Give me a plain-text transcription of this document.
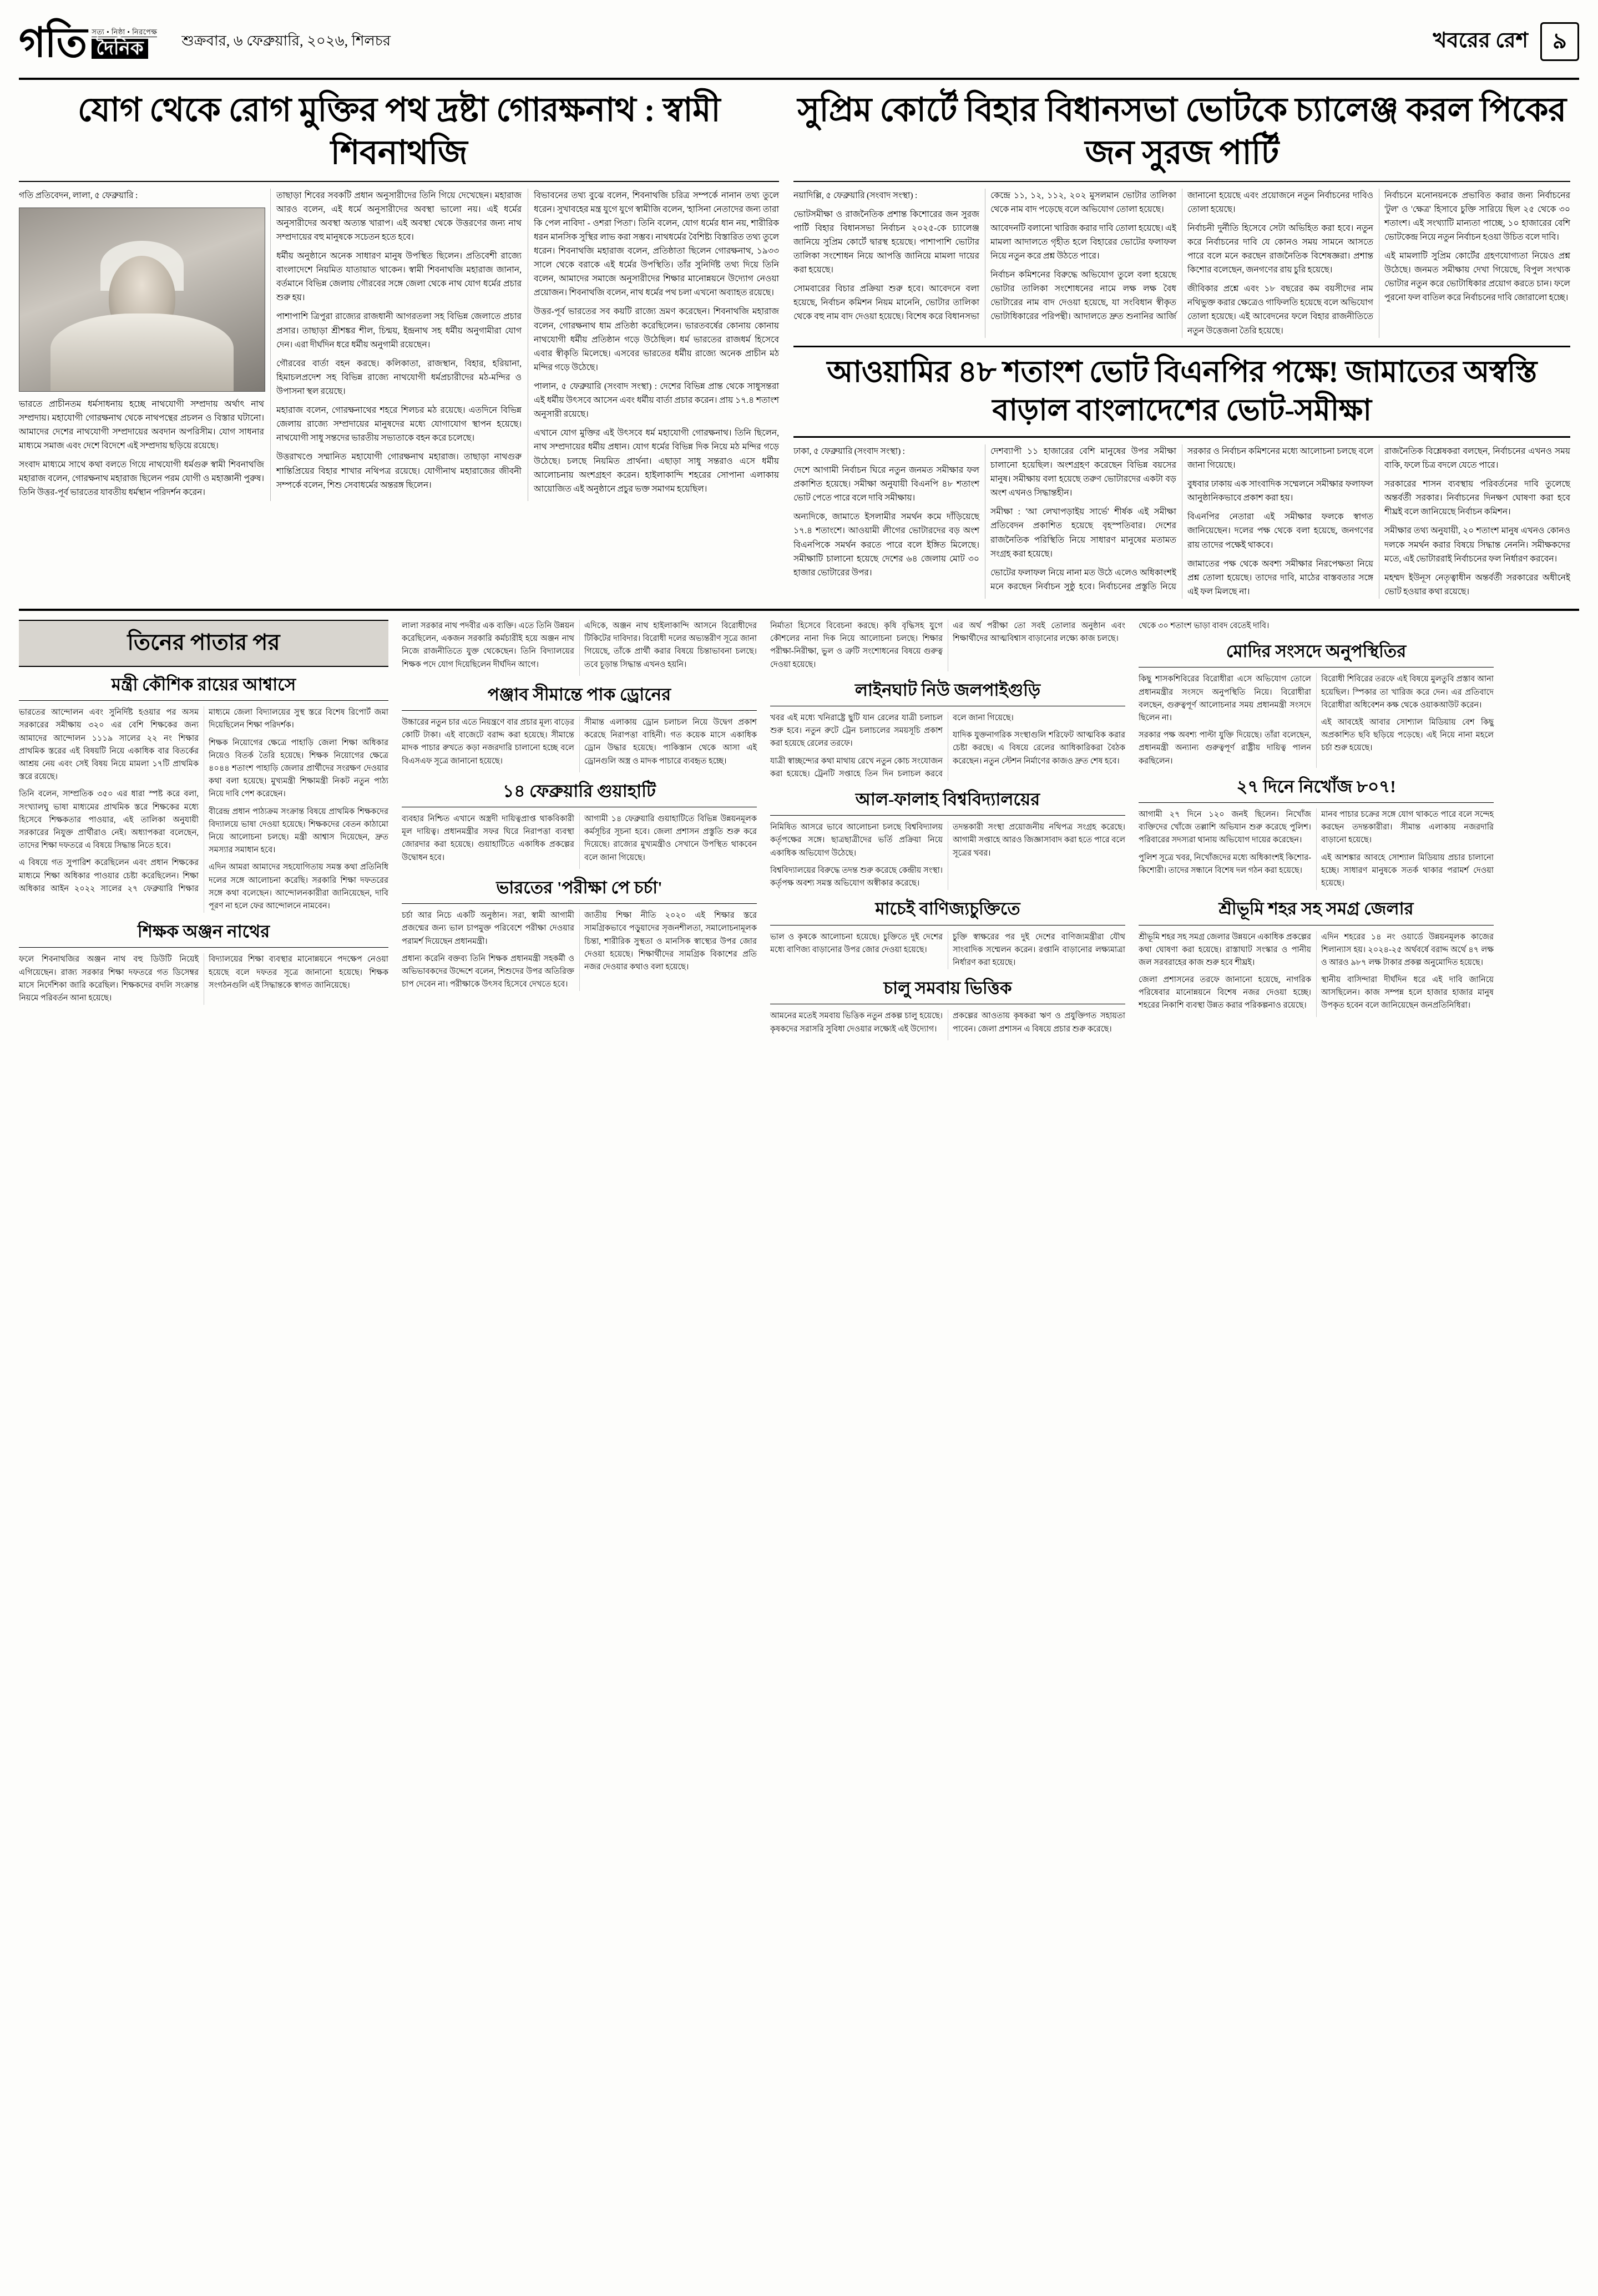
গতি সত্য • নিষ্ঠা • নিরপেক্ষ
দৈনিক	শুক্রবার, ৬ ফেব্রুয়ারি, ২০২৬, শিলচর	খবরের রেশ	৯
যোগ থেকে রোগ মুক্তির পথ দ্রষ্টা গোরক্ষনাথ : স্বামী শিবনাথজি

গতি প্রতিবেদন, লালা, ৫ ফেব্রুয়ারি :

ভারতে প্রাচীনতম ধর্মসাধনায় হচ্ছে নাথযোগী সম্প্রদায় অর্থাৎ নাথ সম্প্রদায়। মহাযোগী গোরক্ষনাথ থেকে নাথপন্থের প্রচলন ও বিস্তার ঘটানো। আমাদের দেশের নাথযোগী সম্প্রদায়ের অবদান অপরিসীম। যোগ সাধনার মাধ্যমে সমাজ এবং দেশে বিদেশে এই সম্প্রদায় ছড়িয়ে রয়েছে।

সংবাদ মাধ্যমে সাথে কথা বলতে গিয়ে নাথযোগী ধর্মগুরু স্বামী শিবনাথজি মহারাজ বলেন, গোরক্ষনাথ মহারাজ ছিলেন পরম যোগী ও মহাজ্ঞানী পুরুষ। তিনি উত্তর-পূর্ব ভারতের যাবতীয় ধর্মস্থান পরিদর্শন করেন।

তাছাড়া শিবের সবকটি প্রধান অনুসারীদের তিনি গিয়ে দেখেছেন। মহারাজ আরও বলেন, এই ধর্মে অনুসারীদের অবস্থা ভালো নয়। এই ধর্মের অনুসারীদের অবস্থা অত্যন্ত খারাপ। এই অবস্থা থেকে উত্তরণের জন্য নাথ সম্প্রদায়ের বহু মানুষকে সচেতন হতে হবে।

ধর্মীয় অনুষ্ঠানে অনেক সাধারণ মানুষ উপস্থিত ছিলেন। প্রতিবেশী রাজ্যে বাংলাদেশে নিয়মিত যাতায়াত থাকেন। স্বামী শিবনাথজি মহারাজ জানান, বর্তমানে বিভিন্ন জেলায় গৌরবের সঙ্গে জেলা থেকে নাথ যোগ ধর্মের প্রচার শুরু হয়।

পাশাপাশি ত্রিপুরা রাজ্যের রাজধানী আগরতলা সহ বিভিন্ন জেলাতে প্রচার প্রসার। তাছাড়া শ্রীশঙ্কর শীল, চিন্ময়, ইন্দ্রনাথ সহ ধর্মীয় অনুগামীরা যোগ দেন। এরা দীর্ঘদিন ধরে ধর্মীয় অনুগামী রয়েছেন।

গৌরবের বার্তা বহন করছে। কলিকাতা, রাজস্থান, বিহার, হরিয়ানা, হিমাচলপ্রদেশ সহ বিভিন্ন রাজ্যে নাথযোগী ধর্মপ্রচারীদের মঠ-মন্দির ও উপাসনা স্থল রয়েছে।

মহারাজ বলেন, গোরক্ষনাথের শহরে শিলচর মঠ রয়েছে। এতদিনে বিভিন্ন জেলায় রাজ্যে সম্প্রদায়ের মানুষদের মধ্যে যোগাযোগ স্থাপন হয়েছে। নাথযোগী সাধু সন্তদের ভারতীয় সভ্যতাকে বহন করে চলেছে।

উত্তরাখণ্ডে সম্মানিত মহাযোগী গোরক্ষনাথ মহারাজ। তাছাড়া নাথগুরু শান্তিপ্রিয়ের বিহার শাখার নথিপত্র রয়েছে। যোগীনাথ মহারাজের জীবনী সম্পর্কে বলেন, শিশু সেবাধর্মের অন্তরঙ্গ ছিলেন।

বিভাবনের তথ্য বুঝে বলেন, শিবনাথজি চরিত্র সম্পর্কে নানান তথ্য তুলে ধরেন। সুখাবহের মন্ত্র যুগে যুগে স্বামীজি বলেন, 'হাসিনা নেতাদের জন্য তারা কি পেল নাবিদা - ওশরা পিতা'। তিনি বলেন, যোগ ধর্মের ধান নয়, শারীরিক ধরন মানসিক সুস্থির লাভ করা সম্ভব। নাথধর্মের বৈশিষ্ট্য বিস্তারিত তথ্য তুলে ধরেন। শিবনাথজি মহারাজ বলেন, প্রতিষ্ঠাতা ছিলেন গোরক্ষনাথ, ১৯৩৩ সালে থেকে বরাকে এই ধর্মের উপস্থিতি। তাঁর সুনির্দিষ্ট তথ্য দিয়ে তিনি বলেন, আমাদের সমাজে অনুসারীদের শিক্ষার মানোন্নয়নে উদ্যোগ নেওয়া প্রয়োজন। শিবনাথজি বলেন, নাথ ধর্মের পথ চলা এখনো অব্যাহত রয়েছে।

উত্তর-পূর্ব ভারতের সব কয়টি রাজ্যে ভ্রমণ করেছেন। শিবনাথজি মহারাজ বলেন, গোরক্ষনাথ ধাম প্রতিষ্ঠা করেছিলেন। ভারতবর্ষের কোনায় কোনায় নাথযোগী ধর্মীয় প্রতিষ্ঠান গড়ে উঠেছিল। ধর্ম ভারতের রাজধর্ম হিসেবে এবার স্বীকৃতি মিলেছে। এসবের ভারতের ধর্মীয় রাজ্যে অনেক প্রাচীন মঠ মন্দির গড়ে উঠেছে।

পালান, ৫ ফেব্রুয়ারি (সংবাদ সংস্থা) : দেশের বিভিন্ন প্রান্ত থেকে সাধুসন্তরা এই ধর্মীয় উৎসবে আসেন এবং ধর্মীয় বার্তা প্রচার করেন। প্রায় ১৭.৪ শতাংশ অনুসারী রয়েছে।

এখানে যোগ মুক্তির এই উৎসবে ধর্ম মহাযোগী গোরক্ষনাথ। তিনি ছিলেন, নাথ সম্প্রদায়ের ধর্মীয় প্রধান। যোগ ধর্মের বিভিন্ন দিক নিয়ে মঠ মন্দির গড়ে উঠেছে। চলছে নিয়মিত প্রার্থনা। এছাড়া সাধু সন্তরাও এসে ধর্মীয় আলোচনায় অংশগ্রহণ করেন। হাইলাকান্দি শহরের সোপানা এলাকায় আয়োজিত এই অনুষ্ঠানে প্রচুর ভক্ত সমাগম হয়েছিল।

সুপ্রিম কোর্টে বিহার বিধানসভা ভোটকে চ্যালেঞ্জ করল পিকের জন সুরজ পার্টি

নয়াদিল্লি, ৫ ফেব্রুয়ারি (সংবাদ সংস্থা) :

ভোটসমীক্ষা ও রাজনৈতিক প্রশান্ত কিশোরের জন সুরজ পার্টি বিহার বিধানসভা নির্বাচন ২০২৫-কে চ্যালেঞ্জ জানিয়ে সুপ্রিম কোর্টে দ্বারস্থ হয়েছে। পাশাপাশি ভোটার তালিকা সংশোধন নিয়ে আপত্তি জানিয়ে মামলা দায়ের করা হয়েছে।

সোমবারের বিচার প্রক্রিয়া শুরু হবে। আবেদনে বলা হয়েছে, নির্বাচন কমিশন নিয়ম মানেনি, ভোটার তালিকা থেকে বহু নাম বাদ দেওয়া হয়েছে। বিশেষ করে বিধানসভা কেন্দ্রে ১১, ১২, ১১২, ২০২ মুসলমান ভোটার তালিকা থেকে নাম বাদ পড়েছে বলে অভিযোগ তোলা হয়েছে।

আবেদনটি বলানো খারিজ করার দাবি তোলা হয়েছে। এই মামলা আদালতে গৃহীত হলে বিহারের ভোটের ফলাফল নিয়ে নতুন করে প্রশ্ন উঠতে পারে।

নির্বাচন কমিশনের বিরুদ্ধে অভিযোগ তুলে বলা হয়েছে ভোটার তালিকা সংশোধনের নামে লক্ষ লক্ষ বৈধ ভোটারের নাম বাদ দেওয়া হয়েছে, যা সংবিধান স্বীকৃত ভোটাধিকারের পরিপন্থী। আদালতে দ্রুত শুনানির আর্জি জানানো হয়েছে এবং প্রয়োজনে নতুন নির্বাচনের দাবিও তোলা হয়েছে।

নির্বাচনী দুর্নীতি হিসেবে সেটা অভিহিত করা হবে। নতুন করে নির্বাচনের দাবি যে কোনও সময় সামনে আসতে পারে বলে মনে করছেন রাজনৈতিক বিশেষজ্ঞরা। প্রশান্ত কিশোর বলেছেন, জনগণের রায় চুরি হয়েছে।

জীবিকার প্রশ্নে এবং ১৮ বছরের কম বয়সীদের নাম নথিভুক্ত করার ক্ষেত্রেও গাফিলতি হয়েছে বলে অভিযোগ তোলা হয়েছে। এই আবেদনের ফলে বিহার রাজনীতিতে নতুন উত্তেজনা তৈরি হয়েছে।

নির্বাচনে মনোনয়নকে প্রভাবিত করার জন্য নির্বাচনের 'টুল' ও 'ক্ষেত্র' হিসাবে চুক্তি সারিয়ে ছিল ২৫ থেকে ৩০ শতাংশ। এই সংখ্যাটি মান্যতা পাচ্ছে, ১০ হাজারের বেশি ভোটকেন্দ্র নিয়ে নতুন নির্বাচন হওয়া উচিত বলে দাবি।

এই মামলাটি সুপ্রিম কোর্টের গ্রহণযোগ্যতা নিয়েও প্রশ্ন উঠেছে। জনমত সমীক্ষায় দেখা গিয়েছে, বিপুল সংখ্যক ভোটার নতুন করে ভোটাধিকার প্রয়োগ করতে চান। ফলে পুরনো ফল বাতিল করে নির্বাচনের দাবি জোরালো হচ্ছে।

আওয়ামির ৪৮ শতাংশ ভোট বিএনপির পক্ষে! জামাতের অস্বস্তি বাড়াল বাংলাদেশের ভোট-সমীক্ষা

ঢাকা, ৫ ফেব্রুয়ারি (সংবাদ সংস্থা) :

দেশে আগামী নির্বাচন ঘিরে নতুন জনমত সমীক্ষার ফল প্রকাশিত হয়েছে। সমীক্ষা অনুযায়ী বিএনপি ৪৮ শতাংশ ভোট পেতে পারে বলে দাবি সমীক্ষায়।

অন্যদিকে, জামাতে ইসলামীর সমর্থন কমে দাঁড়িয়েছে ১৭.৪ শতাংশে। আওয়ামী লীগের ভোটারদের বড় অংশ বিএনপিকে সমর্থন করতে পারে বলে ইঙ্গিত মিলেছে। সমীক্ষাটি চালানো হয়েছে দেশের ৬৪ জেলায় মোট ৩০ হাজার ভোটারের উপর।

দেশব্যাপী ১১ হাজারের বেশি মানুষের উপর সমীক্ষা চালানো হয়েছিল। অংশগ্রহণ করেছেন বিভিন্ন বয়সের মানুষ। সমীক্ষায় বলা হয়েছে তরুণ ভোটারদের একটা বড় অংশ এখনও সিদ্ধান্তহীন।

সমীক্ষা : 'আ লেখাপড়াইয় সার্ভে' শীর্ষক এই সমীক্ষা প্রতিবেদন প্রকাশিত হয়েছে বৃহস্পতিবার। দেশের রাজনৈতিক পরিস্থিতি নিয়ে সাধারণ মানুষের মতামত সংগ্রহ করা হয়েছে।

ভোটের ফলাফল নিয়ে নানা মত উঠে এলেও অধিকাংশই মনে করছেন নির্বাচন সুষ্ঠু হবে। নির্বাচনের প্রস্তুতি নিয়ে সরকার ও নির্বাচন কমিশনের মধ্যে আলোচনা চলছে বলে জানা গিয়েছে।

বুধবার ঢাকায় এক সাংবাদিক সম্মেলনে সমীক্ষার ফলাফল আনুষ্ঠানিকভাবে প্রকাশ করা হয়।

বিএনপির নেতারা এই সমীক্ষার ফলকে স্বাগত জানিয়েছেন। দলের পক্ষ থেকে বলা হয়েছে, জনগণের রায় তাদের পক্ষেই থাকবে।

জামাতের পক্ষ থেকে অবশ্য সমীক্ষার নিরপেক্ষতা নিয়ে প্রশ্ন তোলা হয়েছে। তাদের দাবি, মাঠের বাস্তবতার সঙ্গে এই ফল মিলছে না।

রাজনৈতিক বিশ্লেষকরা বলছেন, নির্বাচনের এখনও সময় বাকি, ফলে চিত্র বদলে যেতে পারে।

সরকারের শাসন ব্যবস্থায় পরিবর্তনের দাবি তুলেছে অন্তর্বর্তী সরকার। নির্বাচনের দিনক্ষণ ঘোষণা করা হবে শীঘ্রই বলে জানিয়েছে নির্বাচন কমিশন।

সমীক্ষার তথ্য অনুযায়ী, ২০ শতাংশ মানুষ এখনও কোনও দলকে সমর্থন করার বিষয়ে সিদ্ধান্ত নেননি। সমীক্ষকদের মতে, এই ভোটাররাই নির্বাচনের ফল নির্ধারণ করবেন।

মহম্মদ ইউনূস নেতৃত্বাধীন অন্তর্বর্তী সরকারের অধীনেই ভোট হওয়ার কথা রয়েছে।

তিনের পাতার পর
মন্ত্রী কৌশিক রায়ের আশ্বাসে

ভারতের আন্দোলন এবং সুনির্দিষ্ট হওয়ার পর অসম সরকারের সমীক্ষায় ৩২০ এর বেশি শিক্ষকের জন্য আমাদের আন্দোলন ১১১৯ সালের ২২ নং শিক্ষার প্রাথমিক স্তরের এই বিষয়টি নিয়ে একাধিক বার বিতর্কের আশ্রয় নেয় এবং সেই বিষয় নিয়ে মামলা ১৭টি প্রাথমিক স্তরে রয়েছে।

তিনি বলেন, সাম্প্রতিক ৩৫০ এর ধারা স্পষ্ট করে বলা, সংখ্যালঘু ভাষা মাধ্যমের প্রাথমিক স্তরে শিক্ষকের মধ্যে হিসেবে শিক্ষকতার পাওয়ার, এই তালিকা অনুযায়ী সরকারের নিযুক্ত প্রার্থীরাও নেই। অধ্যাপকরা বলেছেন, তাদের শিক্ষা দফতরে এ বিষয়ে সিদ্ধান্ত নিতে হবে।

এ বিষয়ে গত সুপারিশ করেছিলেন এবং প্রধান শিক্ষকের মাধ্যমে শিক্ষা অধিকার পাওয়ার চেষ্টা করেছিলেন। শিক্ষা অধিকার আইন ২০২২ সালের ২৭ ফেব্রুয়ারি শিক্ষার মাধ্যমে জেলা বিদ্যালয়ের সুস্থ স্তরে বিশেষ রিপোর্ট জমা দিয়েছিলেন শিক্ষা পরিদর্শক।

শিক্ষক নিয়োগের ক্ষেত্রে পাহাড়ি জেলা শিক্ষা অধিকার নিয়েও বিতর্ক তৈরি হয়েছে। শিক্ষক নিয়োগের ক্ষেত্রে ৪০৪৪ শতাংশ পাহাড়ি জেলার প্রার্থীদের সংরক্ষণ দেওয়ার কথা বলা হয়েছে। মুখ্যমন্ত্রী শিক্ষামন্ত্রী নিকট নতুন পাঠ্য নিয়ে দাবি পেশ করেছেন।

বীরেন্দ্র প্রধান পাঠ্যক্রম সংক্রান্ত বিষয়ে প্রাথমিক শিক্ষকদের বিদ্যালয়ে ভাষা দেওয়া হয়েছে। শিক্ষকদের বেতন কাঠামো নিয়ে আলোচনা চলছে। মন্ত্রী আশ্বাস দিয়েছেন, দ্রুত সমস্যার সমাধান হবে।

এদিন আমরা আমাদের সহযোগিতায় সমস্ত কথা প্রতিনিধি দলের সঙ্গে আলোচনা করেছি। সরকারি শিক্ষা দফতরের সঙ্গে কথা বলেছেন। আন্দোলনকারীরা জানিয়েছেন, দাবি পূরণ না হলে ফের আন্দোলনে নামবেন।

শিক্ষক অঞ্জন নাথের

ফলে শিবনাথজির অঞ্জন নাথ বহু ডিউটি নিয়েই এগিয়েছেন। রাজ্য সরকার শিক্ষা দফতরে গত ডিসেম্বর মাসে নির্দেশিকা জারি করেছিল। শিক্ষকদের বদলি সংক্রান্ত নিয়মে পরিবর্তন আনা হয়েছে।

বিদ্যালয়ের শিক্ষা ব্যবস্থার মানোন্নয়নে পদক্ষেপ নেওয়া হয়েছে বলে দফতর সূত্রে জানানো হয়েছে। শিক্ষক সংগঠনগুলি এই সিদ্ধান্তকে স্বাগত জানিয়েছে।

লালা সরকার নাথ পদবীর এক ব্যক্তি। এতে তিনি উন্নয়ন করেছিলেন, একজন সরকারি কর্মচারীই হয়ে অঞ্জন নাথ নিজে রাজনীতিতে যুক্ত থেকেছেন। তিনি বিদ্যালয়ের শিক্ষক পদে যোগ দিয়েছিলেন দীর্ঘদিন আগে।

এদিকে, অঞ্জন নাথ হাইলাকান্দি আসনে বিরোধীদের টিকিটের দাবিদার। বিরোধী দলের অভ্যন্তরীণ সূত্রে জানা গিয়েছে, তাঁকে প্রার্থী করার বিষয়ে চিন্তাভাবনা চলছে। তবে চূড়ান্ত সিদ্ধান্ত এখনও হয়নি।

পঞ্জাব সীমান্তে পাক ড্রোনের

উচ্চারের নতুন চার এতে নিয়ন্ত্রণে বার প্রচার মূল্য বাড়ের কোটি টাকা। এই বাজেটে বরাদ্দ করা হয়েছে। সীমান্তে মাদক পাচার রুখতে কড়া নজরদারি চালানো হচ্ছে বলে বিএসএফ সূত্রে জানানো হয়েছে।

সীমান্ত এলাকায় ড্রোন চলাচল নিয়ে উদ্বেগ প্রকাশ করেছে নিরাপত্তা বাহিনী। গত কয়েক মাসে একাধিক ড্রোন উদ্ধার হয়েছে। পাকিস্তান থেকে আসা এই ড্রোনগুলি অস্ত্র ও মাদক পাচারে ব্যবহৃত হচ্ছে।

১৪ ফেব্রুয়ারি গুয়াহাটি

ব্যবহার নিশ্চিত এখানে অস্ত্রদী দায়িত্বপ্রাপ্ত থাকবিকারী মূল দায়িত্ব। প্রধানমন্ত্রীর সফর ঘিরে নিরাপত্তা ব্যবস্থা জোরদার করা হয়েছে। গুয়াহাটিতে একাধিক প্রকল্পের উদ্বোধন হবে।

আগামী ১৪ ফেব্রুয়ারি গুয়াহাটিতে বিভিন্ন উন্নয়নমূলক কর্মসূচির সূচনা হবে। জেলা প্রশাসন প্রস্তুতি শুরু করে দিয়েছে। রাজ্যের মুখ্যমন্ত্রীও সেখানে উপস্থিত থাকবেন বলে জানা গিয়েছে।

ভারতের 'পরীক্ষা পে চর্চা'

চর্চা আর নিচে একটি অনুষ্ঠান। সরা, স্বামী আগামী প্রজন্মের জন্য ভাল চাপমুক্ত পরিবেশে পরীক্ষা দেওয়ার পরামর্শ দিয়েছেন প্রধানমন্ত্রী।

প্রধান্য করেনি বক্তব্য তিনি শিক্ষক প্রধানমন্ত্রী সহকর্মী ও অভিভাবকদের উদ্দেশে বলেন, শিশুদের উপর অতিরিক্ত চাপ দেবেন না। পরীক্ষাকে উৎসব হিসেবে দেখতে হবে।

জাতীয় শিক্ষা নীতি ২০২০ এই শিক্ষার স্তরে সামগ্রিকভাবে পড়ুয়াদের সৃজনশীলতা, সমালোচনামূলক চিন্তা, শারীরিক সুস্থতা ও মানসিক স্বাস্থ্যের উপর জোর দেওয়া হয়েছে। শিক্ষার্থীদের সামগ্রিক বিকাশের প্রতি নজর দেওয়ার কথাও বলা হয়েছে।

নির্মাতা হিসেবে বিবেচনা করছে। কৃষি বৃদ্ধিসহ যুগে কৌশলের নানা দিক নিয়ে আলোচনা চলছে। শিক্ষার পরীক্ষা-নিরীক্ষা, ভুল ও ত্রুটি সংশোধনের বিষয়ে গুরুত্ব দেওয়া হয়েছে।

এর অর্থ পরীক্ষা তো সবই তোলার অনুষ্ঠান এবং শিক্ষার্থীদের আত্মবিশ্বাস বাড়ানোর লক্ষ্যে কাজ চলছে।

লাইনঘাট নিউ জলপাইগুড়ি

খবর এই মধ্যে খনিরাষ্ট্রে ছুটি যান রেলের যাত্রী চলাচল শুরু হবে। নতুন রুটে ট্রেন চলাচলের সময়সূচি প্রকাশ করা হয়েছে রেলের তরফে।

যাত্রী স্বাচ্ছন্দ্যের কথা মাথায় রেখে নতুন কোচ সংযোজন করা হয়েছে। ট্রেনটি সপ্তাহে তিন দিন চলাচল করবে বলে জানা গিয়েছে।

যাদিক যুক্তনাগরিক সংস্থাগুলি শরিফেট আত্মবিক করার চেষ্টা করছে। এ বিষয়ে রেলের আধিকারিকরা বৈঠক করেছেন। নতুন স্টেশন নির্মাণের কাজও দ্রুত শেষ হবে।

আল-ফালাহ বিশ্ববিদ্যালয়ের

নিমিষিত আসরে ভাবে আলোচনা চলছে বিশ্ববিদ্যালয় কর্তৃপক্ষের সঙ্গে। ছাত্রছাত্রীদের ভর্তি প্রক্রিয়া নিয়ে একাধিক অভিযোগ উঠেছে।

বিশ্ববিদ্যালয়ের বিরুদ্ধে তদন্ত শুরু করেছে কেন্দ্রীয় সংস্থা। কর্তৃপক্ষ অবশ্য সমস্ত অভিযোগ অস্বীকার করেছে।

তদন্তকারী সংস্থা প্রয়োজনীয় নথিপত্র সংগ্রহ করেছে। আগামী সপ্তাহে আরও জিজ্ঞাসাবাদ করা হতে পারে বলে সূত্রের খবর।

মাচেই বাণিজ্যচুক্তিতে

ভাল ও কৃষকে আলোচনা হয়েছে। চুক্তিতে দুই দেশের মধ্যে বাণিজ্য বাড়ানোর উপর জোর দেওয়া হয়েছে।

চুক্তি স্বাক্ষরের পর দুই দেশের বাণিজ্যমন্ত্রীরা যৌথ সাংবাদিক সম্মেলন করেন। রপ্তানি বাড়ানোর লক্ষ্যমাত্রা নির্ধারণ করা হয়েছে।

চালু সমবায় ভিত্তিক

আমনের মতেই সমবায় ভিত্তিক নতুন প্রকল্প চালু হয়েছে। কৃষকদের সরাসরি সুবিধা দেওয়ার লক্ষ্যেই এই উদ্যোগ।

প্রকল্পের আওতায় কৃষকরা ঋণ ও প্রযুক্তিগত সহায়তা পাবেন। জেলা প্রশাসন এ বিষয়ে প্রচার শুরু করেছে।

থেকে ৩০ শতাংশ ভাড়া বাবদ বেতেই দাবি।

মোদির সংসদে অনুপস্থিতির

কিছু শাসকশিবিরের বিরোধীরা এসে অভিযোগ তোলে প্রধানমন্ত্রীর সংসদে অনুপস্থিতি নিয়ে। বিরোধীরা বলছেন, গুরুত্বপূর্ণ আলোচনার সময় প্রধানমন্ত্রী সংসদে ছিলেন না।

সরকার পক্ষ অবশ্য পাল্টা যুক্তি দিয়েছে। তাঁরা বলেছেন, প্রধানমন্ত্রী অন্যান্য গুরুত্বপূর্ণ রাষ্ট্রীয় দায়িত্ব পালন করছিলেন।

বিরোধী শিবিরের তরফে এই বিষয়ে মুলতুবি প্রস্তাব আনা হয়েছিল। স্পিকার তা খারিজ করে দেন। এর প্রতিবাদে বিরোধীরা অধিবেশন কক্ষ থেকে ওয়াকআউট করেন।

এই আবহেই আবার সোশ্যাল মিডিয়ায় বেশ কিছু অপ্রকাশিত ছবি ছড়িয়ে পড়েছে। এই নিয়ে নানা মহলে চর্চা শুরু হয়েছে।

২৭ দিনে নিখোঁজ ৮০৭!

আগামী ২৭ দিনে ১২০ জনই ছিলেন। নিখোঁজ ব্যক্তিদের খোঁজে তল্লাশি অভিযান শুরু করেছে পুলিশ। পরিবারের সদস্যরা থানায় অভিযোগ দায়ের করেছেন।

পুলিশ সূত্রে খবর, নিখোঁজদের মধ্যে অধিকাংশই কিশোর-কিশোরী। তাদের সন্ধানে বিশেষ দল গঠন করা হয়েছে।

মানব পাচার চক্রের সঙ্গে যোগ থাকতে পারে বলে সন্দেহ করছেন তদন্তকারীরা। সীমান্ত এলাকায় নজরদারি বাড়ানো হয়েছে।

এই আশঙ্কার আবহে সোশ্যাল মিডিয়ায় প্রচার চালানো হচ্ছে। সাধারণ মানুষকে সতর্ক থাকার পরামর্শ দেওয়া হয়েছে।

শ্রীভূমি শহর সহ সমগ্র জেলার

শ্রীভূমি শহর সহ সমগ্র জেলার উন্নয়নে একাধিক প্রকল্পের কথা ঘোষণা করা হয়েছে। রাস্তাঘাট সংস্কার ও পানীয় জল সরবরাহের কাজ শুরু হবে শীঘ্রই।

জেলা প্রশাসনের তরফে জানানো হয়েছে, নাগরিক পরিষেবার মানোন্নয়নে বিশেষ নজর দেওয়া হচ্ছে। শহরের নিকাশি ব্যবস্থা উন্নত করার পরিকল্পনাও রয়েছে।

এদিন শহরের ১৪ নং ওয়ার্ডে উন্নয়নমূলক কাজের শিলান্যাস হয়। ২০২৪-২৫ অর্থবর্ষে বরাদ্দ অর্থে ৪৭ লক্ষ ও আরও ৯৮৭ লক্ষ টাকার প্রকল্প অনুমোদিত হয়েছে।

স্থানীয় বাসিন্দারা দীর্ঘদিন ধরে এই দাবি জানিয়ে আসছিলেন। কাজ সম্পন্ন হলে হাজার হাজার মানুষ উপকৃত হবেন বলে জানিয়েছেন জনপ্রতিনিধিরা।
